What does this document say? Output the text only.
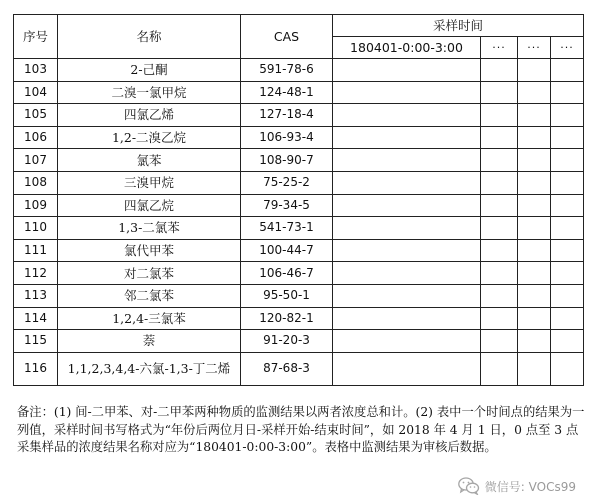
序号	名称	CAS	采样时间			
			180401-0:00-3:00	···	···	···
103	2-己酮	591-78-6				
104	二溴一氯甲烷	124-48-1				
105	四氯乙烯	127-18-4				
106	1,2-二溴乙烷	106-93-4				
107	氯苯	108-90-7				
108	三溴甲烷	75-25-2				
109	四氯乙烷	79-34-5				
110	1,3-二氯苯	541-73-1				
111	氯代甲苯	100-44-7				
112	对二氯苯	106-46-7				
113	邻二氯苯	95-50-1				
114	1,2,4-三氯苯	120-82-1				
115	萘	91-20-3				
116	1,1,2,3,4,4-六氯-1,3-丁二烯	87-68-3				

备注：(1) 间-二甲苯、对-二甲苯两种物质的监测结果以两者浓度总和计。(2) 表中一个时间点的结果为一列值，采样时间书写格式为“年份后两位月日-采样开始-结束时间”，如 2018 年 4 月 1 日，0 点至 3 点采集样品的浓度结果名称对应为“180401-0:00-3:00”。表格中监测结果为审核后数据。

微信号: VOCs99
